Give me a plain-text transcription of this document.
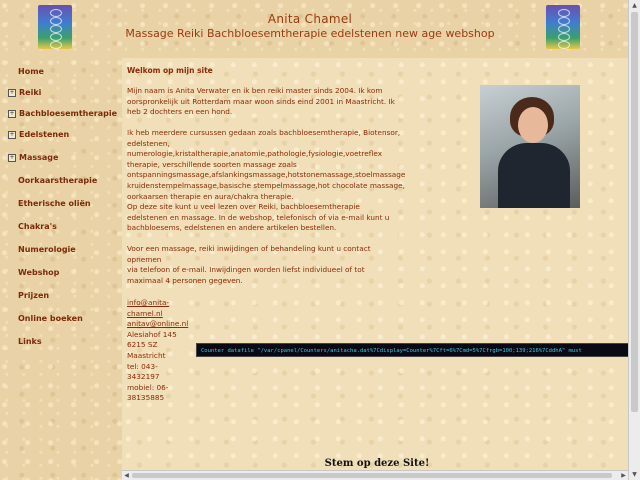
Anita Chamel
Massage Reiki Bachbloesemtherapie edelstenen new age webshop
Home
+ Reiki
+ Bachbloesemtherapie
+ Edelstenen
+ Massage
Oorkaarstherapie
Etherische oliën
Chakra's
Numerologie
Webshop
Prijzen
Online boeken
Links
Welkom op mijn site
Mijn naam is Anita Verwater en ik ben reiki master sinds 2004. Ik kom
oorspronkelijk uit Rotterdam maar woon sinds eind 2001 in Maastricht. Ik
heb 2 dochters en een hond.
Ik heb meerdere cursussen gedaan zoals bachbloesemtherapie, Biotensor,
edelstenen,
numerologie,kristaltherapie,anatomie,pathologie,fysiologie,voetreflex
therapie, verschillende soorten massage zoals
ontspanningsmassage,afslankingsmassage,hotstonemassage,stoelmassage
kruidenstempelmassage,basische stempelmassage,hot chocolate massage,
oorkaarsen therapie en aura/chakra therapie.
Op deze site kunt u veel lezen over Reiki, bachbloesemtherapie
edelstenen en massage. In de webshop, telefonisch of via e-mail kunt u
bachbloesems, edelstenen en andere artikelen bestellen.
Voor een massage, reiki inwijdingen of behandeling kunt u contact
opnemen
via telefoon of e-mail. Inwijdingen worden liefst individueel of tot
maximaal 4 personen gegeven.
info@anita-
chamel.nl
anitav@online.nl
Alesiahof 145
6215 SZ
Maastricht
tel: 043-
3432197
mobiel: 06-
38135885
Counter datafile "/var/cpanel/Counters/anitacha.dat%7Cdisplay=Counter%7Cft=6%7Cmd=5%7Cfrgb=100;139;216%7CddhA" must
Stem op deze Site!
◀	▶
▲
▼
